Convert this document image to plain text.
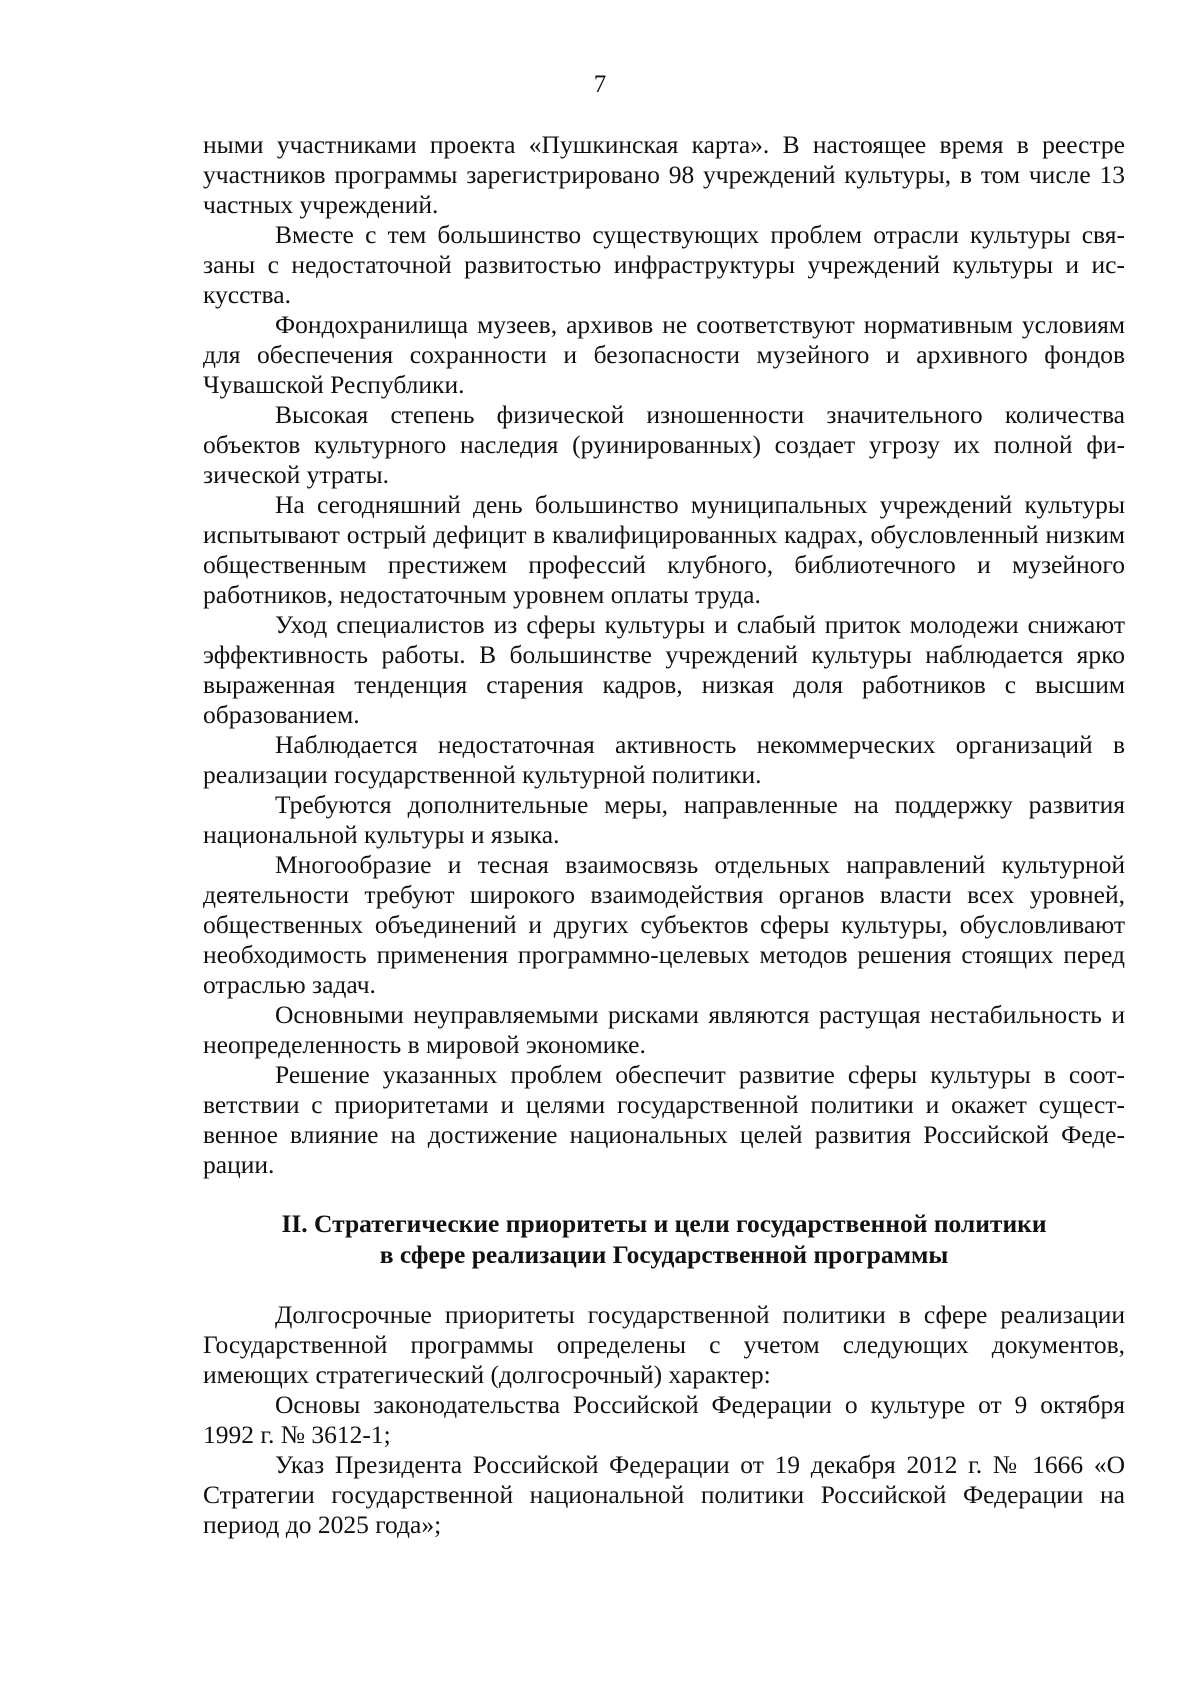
7

ными участниками проекта «Пушкинская карта». В настоящее время в реестре участников программы зарегистрировано 98 учреждений культуры, в том числе 13 частных учреждений.

Вместе с тем большинство существующих проблем отрасли культуры связаны с недостаточной развитостью инфраструктуры учреждений культуры и искусства.

Фондохранилища музеев, архивов не соответствуют нормативным условиям для обеспечения сохранности и безопасности музейного и архивного фондов Чувашской Республики.

Высокая степень физической изношенности значительного количества объектов культурного наследия (руинированных) создает угрозу их полной физической утраты.

На сегодняшний день большинство муниципальных учреждений культуры испытывают острый дефицит в квалифицированных кадрах, обусловленный низким общественным престижем профессий клубного, библиотечного и музейного работников, недостаточным уровнем оплаты труда.

Уход специалистов из сферы культуры и слабый приток молодежи снижают эффективность работы. В большинстве учреждений культуры наблюдается ярко выраженная тенденция старения кадров, низкая доля работников с высшим образованием.

Наблюдается недостаточная активность некоммерческих организаций в реализации государственной культурной политики.

Требуются дополнительные меры, направленные на поддержку развития национальной культуры и языка.

Многообразие и тесная взаимосвязь отдельных направлений культурной деятельности требуют широкого взаимодействия органов власти всех уровней, общественных объединений и других субъектов сферы культуры, обусловливают необходимость применения программно-целевых методов решения стоящих перед отраслью задач.

Основными неуправляемыми рисками являются растущая нестабильность и неопределенность в мировой экономике.

Решение указанных проблем обеспечит развитие сферы культуры в соответствии с приоритетами и целями государственной политики и окажет существенное влияние на достижение национальных целей развития Российской Федерации.

II. Стратегические приоритеты и цели государственной политики
в сфере реализации Государственной программы

Долгосрочные приоритеты государственной политики в сфере реализации Государственной программы определены с учетом следующих документов, имеющих стратегический (долгосрочный) характер:

Основы законодательства Российской Федерации о культуре от 9 октября 1992 г. № 3612-1;

Указ Президента Российской Федерации от 19 декабря 2012 г. № 1666 «О Стратегии государственной национальной политики Российской Федерации на период до 2025 года»;
